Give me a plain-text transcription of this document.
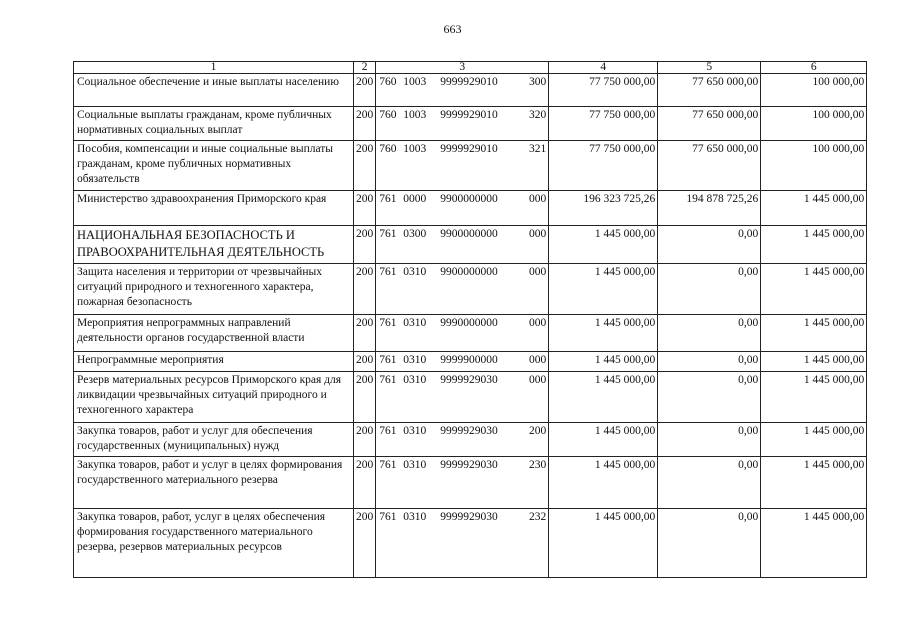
663
1	2	3	4	5	6
Социальное обеспечение и иные выплаты населению	200	760 1003 9999929010 300	77 750 000,00	77 650 000,00	100 000,00
Социальные выплаты гражданам, кроме публичных нормативных социальных выплат	200	760 1003 9999929010 320	77 750 000,00	77 650 000,00	100 000,00
Пособия, компенсации и иные социальные выплаты гражданам, кроме публичных нормативных обязательств	200	760 1003 9999929010 321	77 750 000,00	77 650 000,00	100 000,00
Министерство здравоохранения Приморского края	200	761 0000 9900000000 000	196 323 725,26	194 878 725,26	1 445 000,00
НАЦИОНАЛЬНАЯ БЕЗОПАСНОСТЬ И ПРАВООХРАНИТЕЛЬНАЯ ДЕЯТЕЛЬНОСТЬ	200	761 0300 9900000000 000	1 445 000,00	0,00	1 445 000,00
Защита населения и территории от чрезвычайных ситуаций природного и техногенного характера, пожарная безопасность	200	761 0310 9900000000 000	1 445 000,00	0,00	1 445 000,00
Мероприятия непрограммных направлений деятельности органов государственной власти	200	761 0310 9990000000 000	1 445 000,00	0,00	1 445 000,00
Непрограммные мероприятия	200	761 0310 9999900000 000	1 445 000,00	0,00	1 445 000,00
Резерв материальных ресурсов Приморского края для ликвидации чрезвычайных ситуаций природного и техногенного характера	200	761 0310 9999929030 000	1 445 000,00	0,00	1 445 000,00
Закупка товаров, работ и услуг для обеспечения государственных (муниципальных) нужд	200	761 0310 9999929030 200	1 445 000,00	0,00	1 445 000,00
Закупка товаров, работ и услуг в целях формирования государственного материального резерва	200	761 0310 9999929030 230	1 445 000,00	0,00	1 445 000,00
Закупка товаров, работ, услуг в целях обеспечения формирования государственного материального резерва, резервов материальных ресурсов	200	761 0310 9999929030 232	1 445 000,00	0,00	1 445 000,00
